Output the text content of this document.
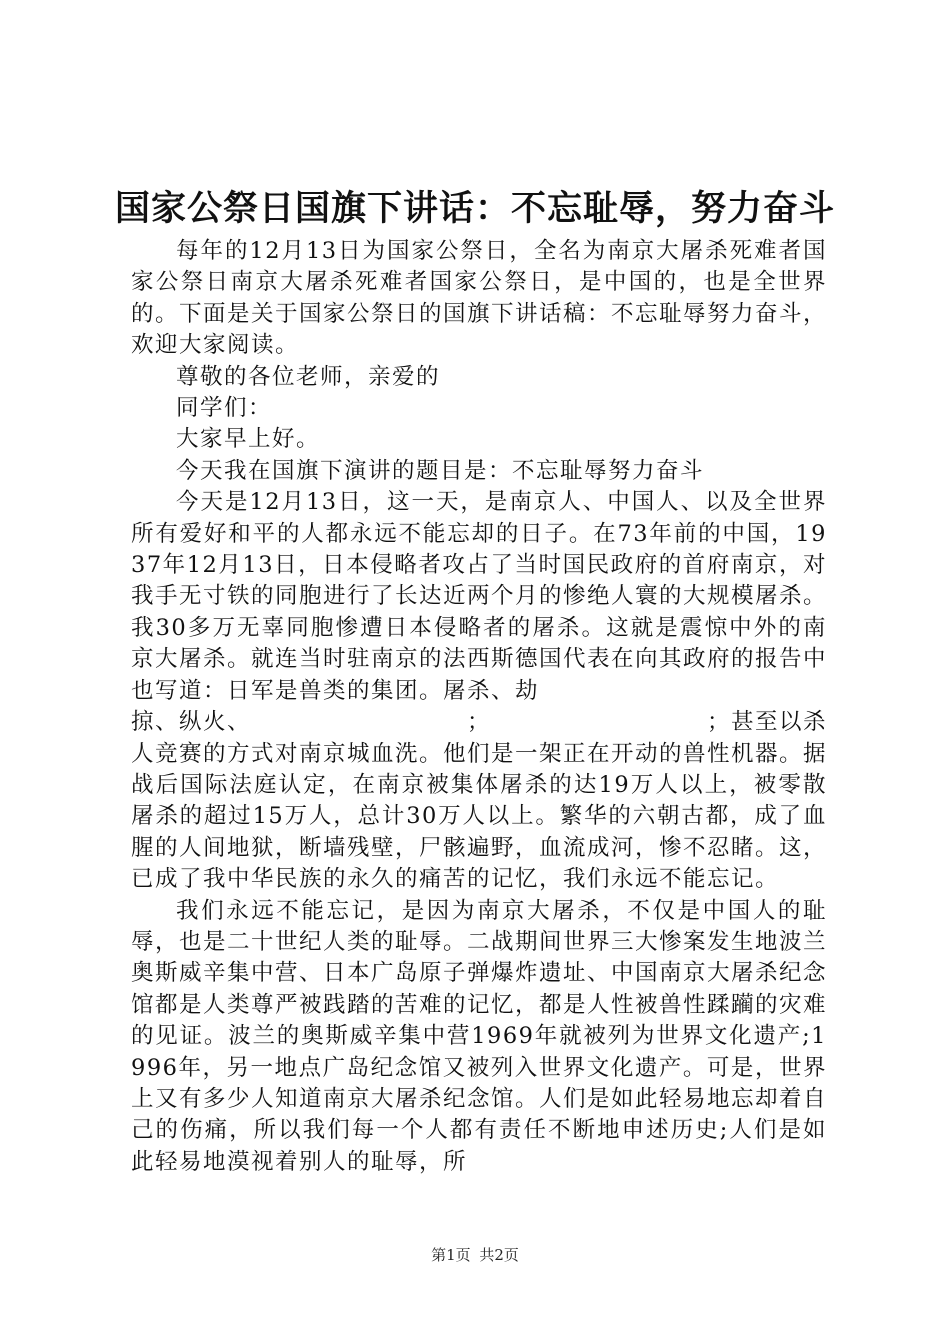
国家公祭日国旗下讲话：不忘耻辱，努力奋斗

每年的12月13日为国家公祭日，全名为南京大屠杀死难者国家公祭日南京大屠杀死难者国家公祭日，是中国的，也是全世界的。下面是关于国家公祭日的国旗下讲话稿：不忘耻辱努力奋斗，欢迎大家阅读。

尊敬的各位老师，亲爱的

同学们：

大家早上好。

今天我在国旗下演讲的题目是：不忘耻辱努力奋斗

今天是12月13日，这一天，是南京人、中国人、以及全世界所有爱好和平的人都永远不能忘却的日子。在73年前的中国，1937年12月13日，日本侵略者攻占了当时国民政府的首府南京，对我手无寸铁的同胞进行了长达近两个月的惨绝人寰的大规模屠杀。我30多万无辜同胞惨遭日本侵略者的屠杀。这就是震惊中外的南京大屠杀。就连当时驻南京的法西斯德国代表在向其政府的报告中也写道：日军是兽类的集团。屠杀、劫

掠、纵火、	；	；甚至以杀

人竞赛的方式对南京城血洗。他们是一架正在开动的兽性机器。据战后国际法庭认定，在南京被集体屠杀的达19万人以上，被零散屠杀的超过15万人，总计30万人以上。繁华的六朝古都，成了血腥的人间地狱，断墙残壁，尸骸遍野，血流成河，惨不忍睹。这，已成了我中华民族的永久的痛苦的记忆，我们永远不能忘记。

我们永远不能忘记，是因为南京大屠杀，不仅是中国人的耻辱，也是二十世纪人类的耻辱。二战期间世界三大惨案发生地波兰奥斯威辛集中营、日本广岛原子弹爆炸遗址、中国南京大屠杀纪念馆都是人类尊严被践踏的苦难的记忆，都是人性被兽性蹂躏的灾难的见证。波兰的奥斯威辛集中营1969年就被列为世界文化遗产;1996年，另一地点广岛纪念馆又被列入世界文化遗产。可是，世界上又有多少人知道南京大屠杀纪念馆。人们是如此轻易地忘却着自己的伤痛，所以我们每一个人都有责任不断地申述历史;人们是如此轻易地漠视着别人的耻辱，所

第1页 共2页
